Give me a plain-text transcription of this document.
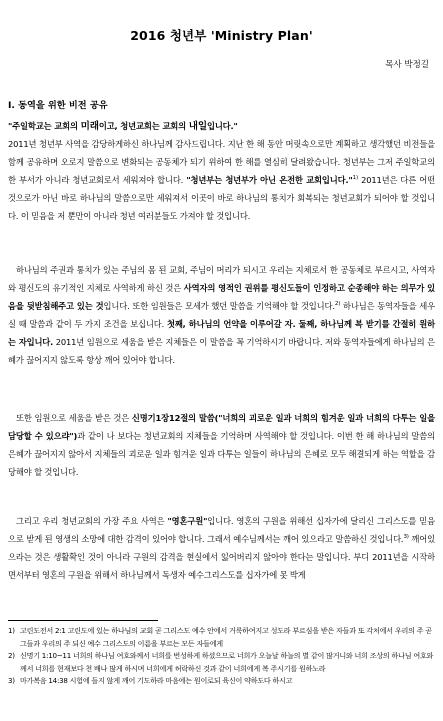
2016 청년부 'Ministry Plan'
목사 박정길
Ⅰ. 동역을 위한 비전 공유

"주일학교는 교회의 미래이고, 청년교회는 교회의 내일입니다."

2011년 청년부 사역을 감당하게하신 하나님께 감사드립니다. 지난 한 해 동안 머릿속으로만 계획하고 생각했던 비전들을 함께 공유하며 오로지 말씀으로 변화되는 공동체가 되기 위하여 한 해를 열심히 달려왔습니다. 청년부는 그저 주일학교의 한 부서가 아니라 청년교회로서 세워져야 합니다. "청년부는 청년부가 아닌 온전한 교회입니다."$^{1)}$ 2011년은 다른 어떤 것으로가 아닌 바로 하나님의 말씀으로만 세워져서 이곳이 바로 하나님의 통치가 회복되는 청년교회가 되어야 할 것입니다. 이 믿음을 저 뿐만이 아니라 청년 여러분들도 가져야 할 것입니다.

하나님의 주권과 통치가 있는 주님의 몸 된 교회, 주님이 머리가 되시고 우리는 지체로서 한 공동체로 부르시고, 사역자와 평신도의 유기적인 지체로 사역하게 하신 것은 사역자의 영적인 권위를 평신도들이 인정하고 순종해야 하는 의무가 있음을 뒷받침해주고 있는 것입니다. 또한 임원들은 모세가 했던 말씀을 기억해야 할 것입니다.$^{2)}$ 하나님은 동역자들을 세우실 때 말씀과 같이 두 가지 조건을 보십니다. 첫째, 하나님의 언약을 이루어갈 자. 둘째, 하나님께 복 받기를 간절히 원하는 자입니다. 2011년 임원으로 세움을 받은 지체들은 이 말씀을 꼭 기억하시기 바랍니다. 저와 동역자들에게 하나님의 은혜가 끊어지지 않도록 항상 깨어 있어야 합니다.

또한 임원으로 세움을 받은 것은 신명기1장12절의 말씀("너희의 괴로운 일과 너희의 힘겨운 일과 너희의 다투는 일을 담당할 수 있으랴")과 같이 나 보다는 청년교회의 지체들을 기억하며 사역해야 할 것입니다. 이번 한 해 하나님의 말씀의 은혜가 끊어지지 않아서 지체들의 괴로운 일과 힘겨운 일과 다투는 일들이 하나님의 은혜로 모두 해결되게 하는 역할을 감당해야 할 것입니다.

그리고 우리 청년교회의 가장 주요 사역은 "영혼구원"입니다. 영혼의 구원을 위해선 십자가에 달리신 그리스도를 믿음으로 받게 된 영생의 소망에 대한 감격이 있어야 합니다. 그래서 예수님께서는 깨어 있으라고 말씀하신 것입니다.$^{3)}$ 깨어있으라는 것은 생활확인 것이 아니라 구원의 감격을 현실에서 잃어버리지 않아야 한다는 말입니다. 부디 2011년을 시작하면서부터 영혼의 구원을 위해서 하나님께서 독생자 예수그리스도를 십자가에 못 박게

1) 고린도전서 2:1 고린도에 있는 하나님의 교회 곧 그리스도 예수 안에서 거룩하여지고 성도라 부르심을 받은 자들과 또 각처에서 우리의 주 곧 그들과 우리의 주 되신 예수 그리스도의 이름을 부르는 모든 자들에게
2) 신명기 1:10~11 너희의 하나님 여호와께서 너희를 번성하게 하셨으므로 너희가 오늘날 하늘의 별 같이 많거니와 너희 조상의 하나님 여호와께서 너희를 현재보다 천 배나 많게 하시며 너희에게 허락하신 것과 같이 너희에게 복 주시기를 원하노라
3) 마가복음 14:38 시험에 들지 않게 깨어 기도하라 마음에는 원이로되 육신이 약하도다 하시고
